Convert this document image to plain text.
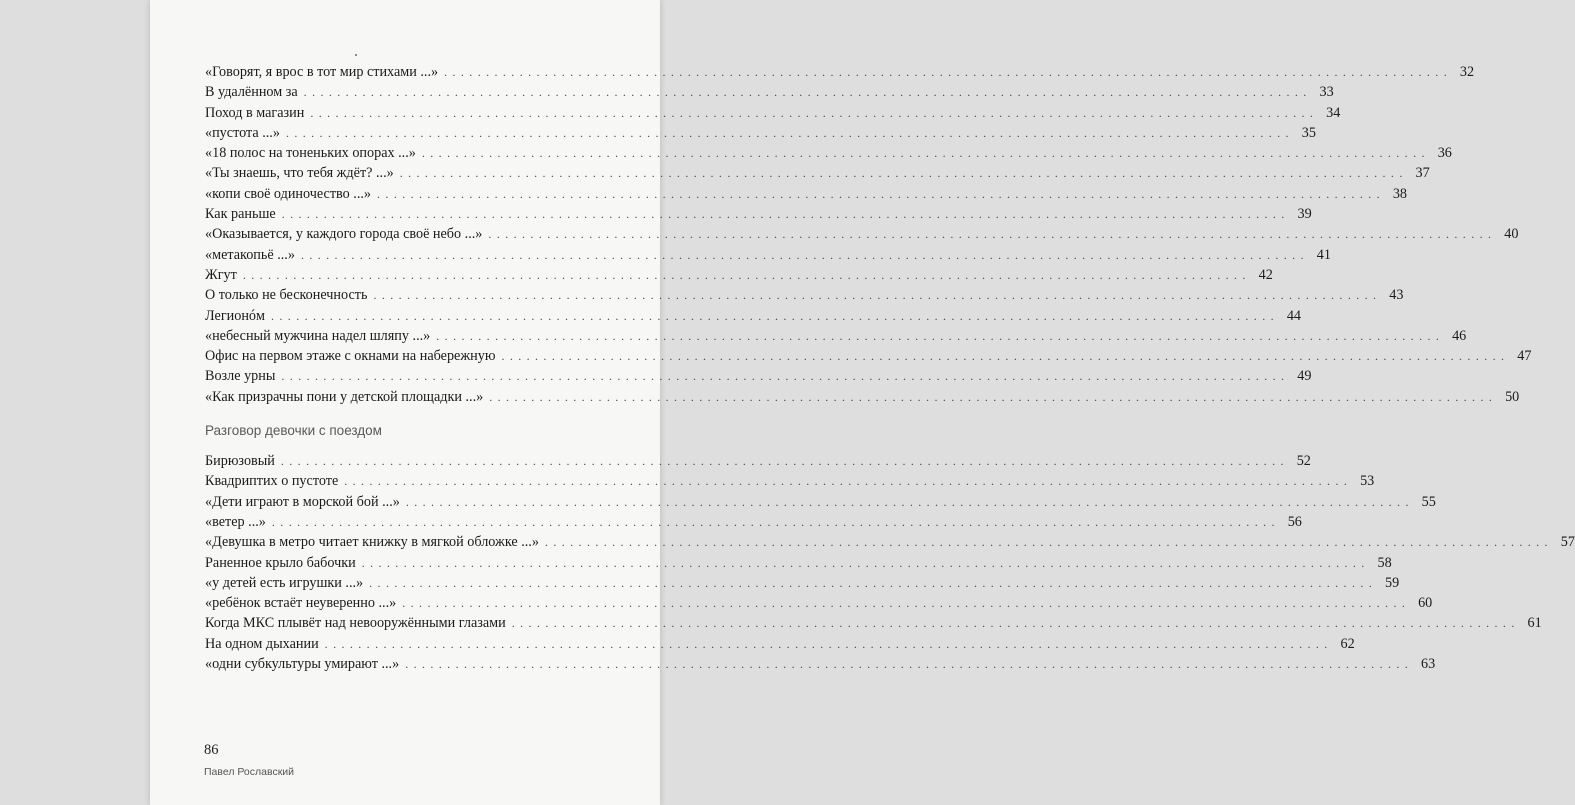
«Говорят, я врос в тот мир стихами ...» ........................................................................................................................ 32
В удалённом за ........................................................................................................................ 33
Поход в магазин ........................................................................................................................ 34
«пустота ...» ........................................................................................................................ 35
«18 полос на тоненьких опорах ...» ........................................................................................................................ 36
«Ты знаешь, что тебя ждёт? ...» ........................................................................................................................ 37
«копи своё одиночество ...» ........................................................................................................................ 38
Как раньше ........................................................................................................................ 39
«Оказывается, у каждого города своё небо ...» ........................................................................................................................ 40
«метакопьё ...» ........................................................................................................................ 41
Жгут ........................................................................................................................ 42
О только не бесконечность ........................................................................................................................ 43
Легионóм ........................................................................................................................ 44
«небесный мужчина надел шляпу ...» ........................................................................................................................ 46
Офис на первом этаже с окнами на набережную ........................................................................................................................ 47
Возле урны ........................................................................................................................ 49
«Как призрачны пони у детской площадки ...» ........................................................................................................................ 50
Разговор девочки с поездом
Бирюзовый ........................................................................................................................ 52
Квадриптих о пустоте ........................................................................................................................ 53
«Дети играют в морской бой ...» ........................................................................................................................ 55
«ветер ...» ........................................................................................................................ 56
«Девушка в метро читает книжку в мягкой обложке ...» ........................................................................................................................ 57
Раненное крыло бабочки ........................................................................................................................ 58
«у детей есть игрушки ...» ........................................................................................................................ 59
«ребёнок встаёт неуверенно ...» ........................................................................................................................ 60
Когда МКС плывёт над невооружёнными глазами ........................................................................................................................ 61
На одном дыхании ........................................................................................................................ 62
«одни субкультуры умирают ...» ........................................................................................................................ 63
86
Павел Рославский
